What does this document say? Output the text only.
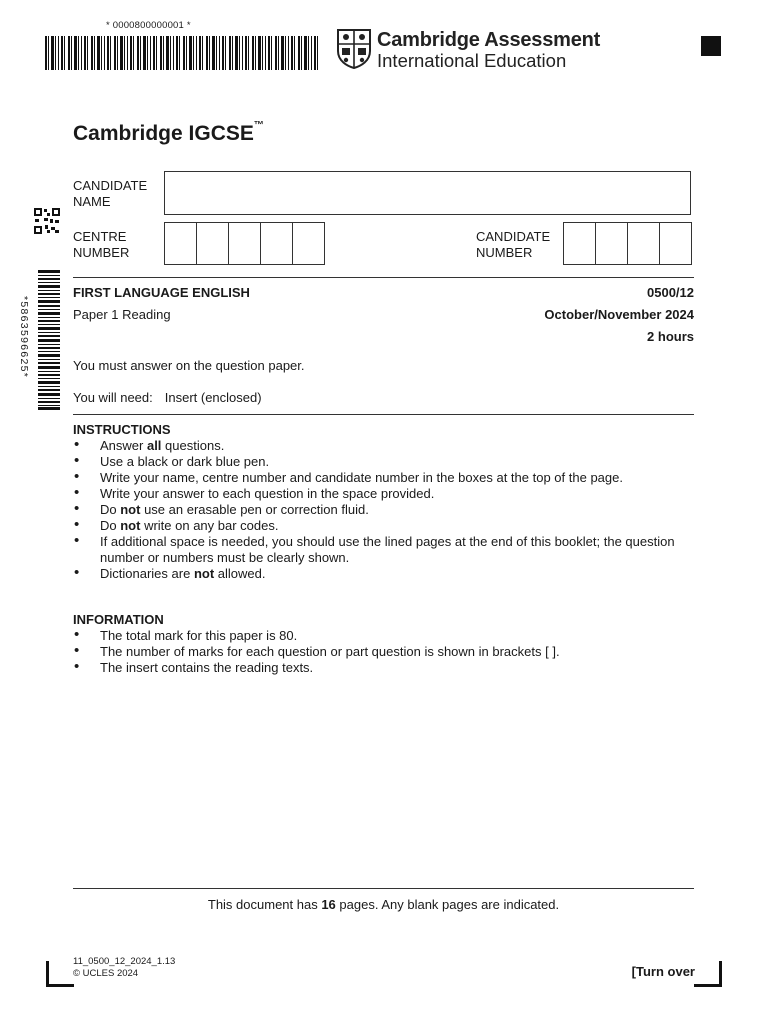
* 0000800000001 *
Cambridge Assessment
International Education
Cambridge IGCSE™
CANDIDATE
NAME
CENTRE
NUMBER
CANDIDATE
NUMBER
*5863596625*
FIRST LANGUAGE ENGLISH	0500/12
Paper 1 Reading	October/November 2024
2 hours
You must answer on the question paper.
You will need: Insert (enclosed)
INSTRUCTIONS
• Answer all questions.
• Use a black or dark blue pen.
• Write your name, centre number and candidate number in the boxes at the top of the page.
• Write your answer to each question in the space provided.
• Do not use an erasable pen or correction fluid.
• Do not write on any bar codes.
• If additional space is needed, you should use the lined pages at the end of this booklet; the question number or numbers must be clearly shown.
• Dictionaries are not allowed.
INFORMATION
• The total mark for this paper is 80.
• The number of marks for each question or part question is shown in brackets [ ].
• The insert contains the reading texts.
This document has 16 pages. Any blank pages are indicated.
11_0500_12_2024_1.13
© UCLES 2024	[Turn over
